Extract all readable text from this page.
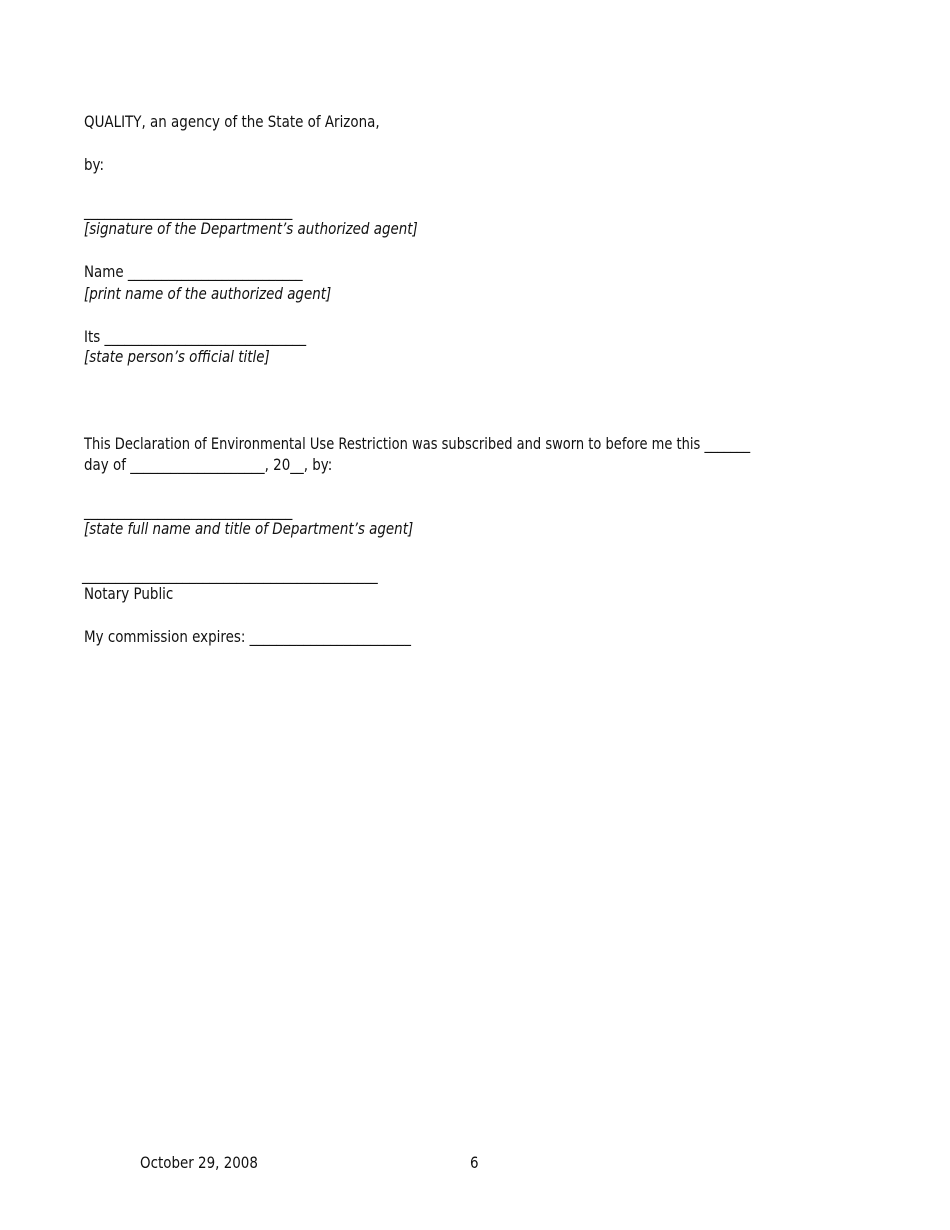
QUALITY, an agency of the State of Arizona,
by:
_______________________________
[signature of the Department’s authorized agent]
Name __________________________
[print name of the authorized agent]
Its ______________________________
[state person’s official title]
This Declaration of Environmental Use Restriction was subscribed and sworn to before me this _______
day of ____________________, 20__, by:
_______________________________
[state full name and title of Department’s agent]
____________________________________________
Notary Public
My commission expires: ________________________
October 29, 2008	6
